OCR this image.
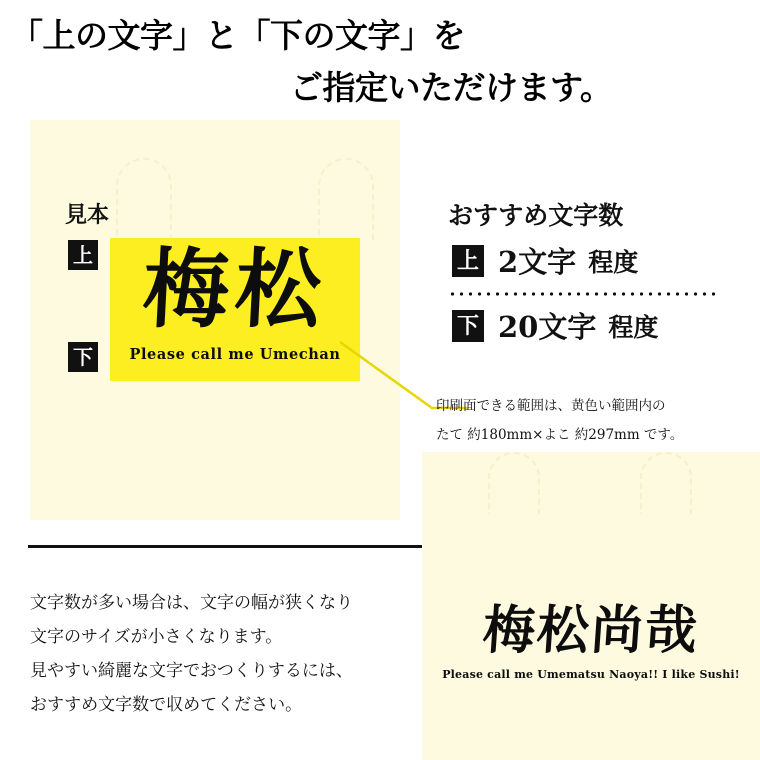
「上の文字」と「下の文字」を
ご指定いただけます。
見本
上
下
梅松
Please call me Umechan
おすすめ文字数
上 2文字 程度
下 20文字 程度
印刷面できる範囲は、黄色い範囲内の
たて 約180mm×よこ 約297mm です。
文字数が多い場合は、文字の幅が狭くなり
文字のサイズが小さくなります。
見やすい綺麗な文字でおつくりするには、
おすすめ文字数で収めてください。
梅松尚哉
Please call me Umematsu Naoya!! I like Sushi!
